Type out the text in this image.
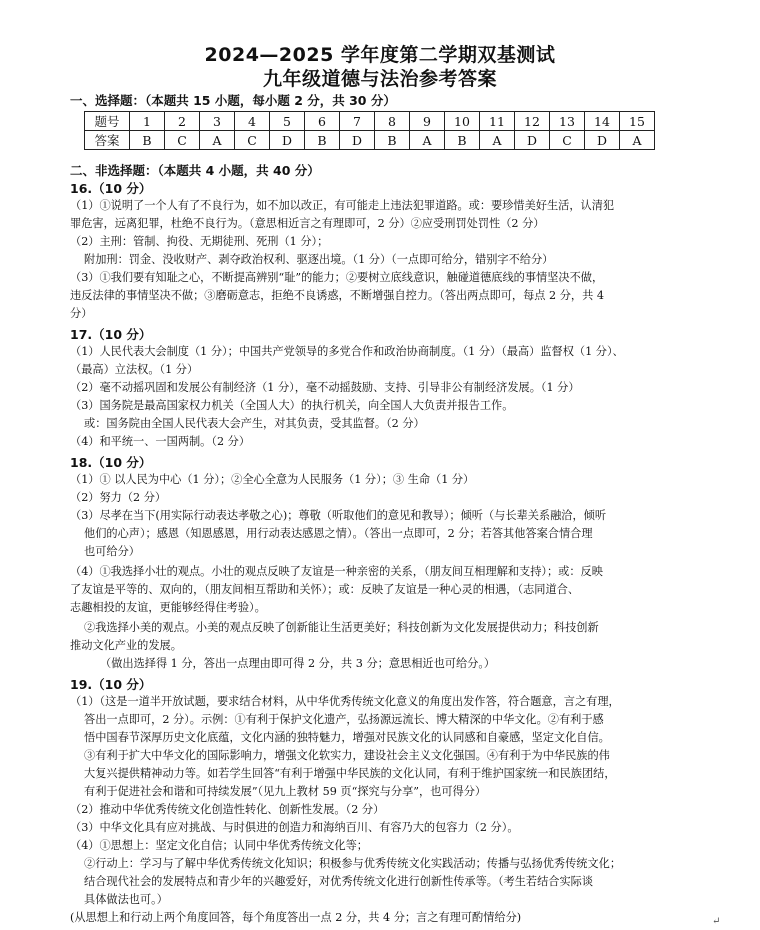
2024—2025 学年度第二学期双基测试
九年级道德与法治参考答案
一、选择题：（本题共 15 小题，每小题 2 分，共 30 分）
题号	1	2	3	4	5	6	7	8	9	10	11	12	13	14	15
答案	B	C	A	C	D	B	D	B	A	B	A	D	C	D	A
二、非选择题：（本题共 4 小题，共 40 分）
16.（10 分）
（1）①说明了一个人有了不良行为，如不加以改正，有可能走上违法犯罪道路。或：要珍惜美好生活，认清犯
罪危害，远离犯罪，杜绝不良行为。（意思相近言之有理即可，2 分）②应受刑罚处罚性（2 分）
（2）主刑：管制、拘役、无期徒刑、死刑（1 分）；
附加刑：罚金、没收财产、剥夺政治权利、驱逐出境。（1 分）（一点即可给分，错别字不给分）
（3）①我们要有知耻之心，不断提高辨别“耻”的能力；②要树立底线意识，触碰道德底线的事情坚决不做，
违反法律的事情坚决不做；③磨砺意志，拒绝不良诱惑，不断增强自控力。（答出两点即可，每点 2 分，共 4
分）
17.（10 分）
（1）人民代表大会制度（1 分）；中国共产党领导的多党合作和政治协商制度。（1 分）（最高）监督权（1 分）、
（最高）立法权。（1 分）
（2）毫不动摇巩固和发展公有制经济（1 分），毫不动摇鼓励、支持、引导非公有制经济发展。（1 分）
（3）国务院是最高国家权力机关（全国人大）的执行机关，向全国人大负责并报告工作。
或：国务院由全国人民代表大会产生，对其负责，受其监督。（2 分）
（4）和平统一、一国两制。（2 分）
18.（10 分）
（1）① 以人民为中心（1 分）；②全心全意为人民服务（1 分）；③ 生命（1 分）
（2）努力（2 分）
（3）尽孝在当下(用实际行动表达孝敬之心)；尊敬（听取他们的意见和教导）；倾听（与长辈关系融洽，倾听
他们的心声）；感恩（知恩感恩，用行动表达感恩之情）。（答出一点即可，2 分；若答其他答案合情合理
也可给分）
（4）①我选择小壮的观点。小壮的观点反映了友谊是一种亲密的关系，（朋友间互相理解和支持）；或：反映
了友谊是平等的、双向的，（朋友间相互帮助和关怀）；或：反映了友谊是一种心灵的相遇，（志同道合、
志趣相投的友谊，更能够经得住考验）。
②我选择小美的观点。小美的观点反映了创新能让生活更美好；科技创新为文化发展提供动力；科技创新
推动文化产业的发展。
（做出选择得 1 分，答出一点理由即可得 2 分，共 3 分；意思相近也可给分。）
19.（10 分）
（1）（这是一道半开放试题，要求结合材料，从中华优秀传统文化意义的角度出发作答，符合题意，言之有理，
答出一点即可，2 分）。示例：①有利于保护文化遗产，弘扬源远流长、博大精深的中华文化。②有利于感
悟中国春节深厚历史文化底蕴，文化内涵的独特魅力，增强对民族文化的认同感和自豪感，坚定文化自信。
③有利于扩大中华文化的国际影响力，增强文化软实力，建设社会主义文化强国。④有利于为中华民族的伟
大复兴提供精神动力等。如若学生回答“有利于增强中华民族的文化认同，有利于维护国家统一和民族团结，
有利于促进社会和谐和可持续发展”（见九上教材 59 页“探究与分享”，也可得分）
（2）推动中华优秀传统文化创造性转化、创新性发展。（2 分）
（3）中华文化具有应对挑战、与时俱进的创造力和海纳百川、有容乃大的包容力（2 分）。
（4）①思想上：坚定文化自信；认同中华优秀传统文化等；
②行动上：学习与了解中华优秀传统文化知识；积极参与优秀传统文化实践活动；传播与弘扬优秀传统文化；
结合现代社会的发展特点和青少年的兴趣爱好，对优秀传统文化进行创新性传承等。（考生若结合实际谈
具体做法也可。）
(从思想上和行动上两个角度回答，每个角度答出一点 2 分，共 4 分；言之有理可酌情给分)	↵
